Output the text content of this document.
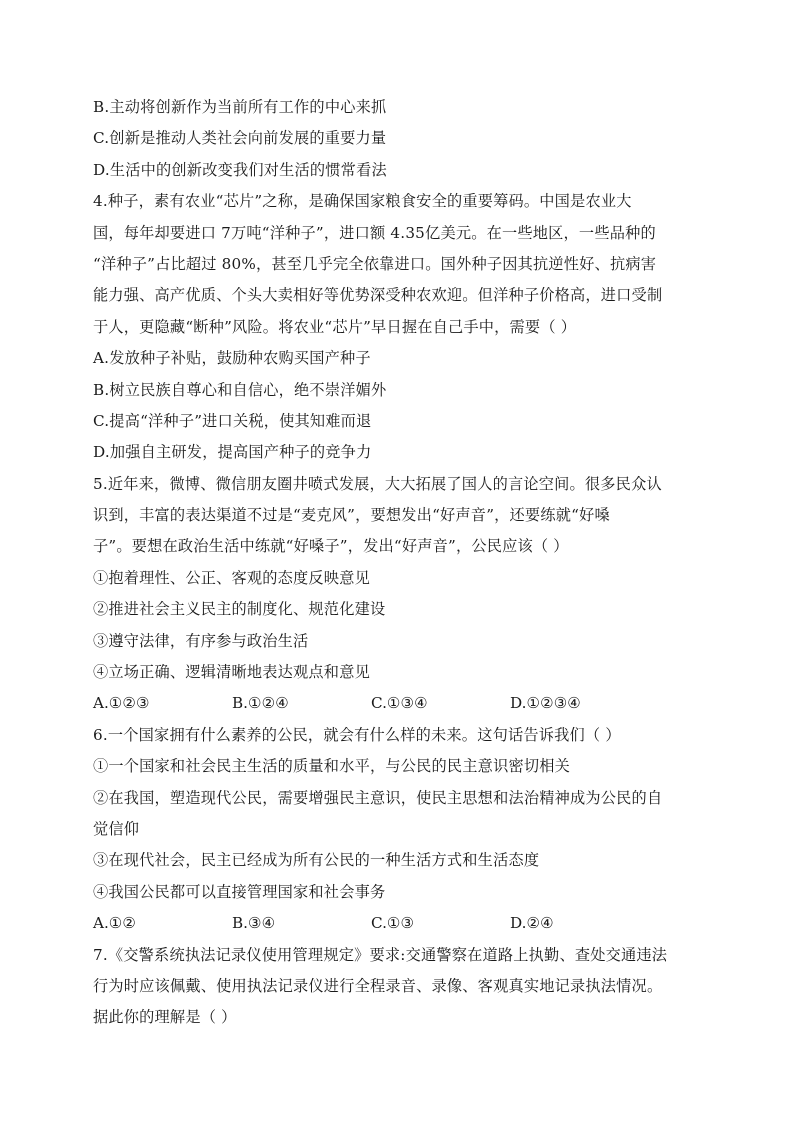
B.主动将创新作为当前所有工作的中心来抓
C.创新是推动人类社会向前发展的重要力量
D.生活中的创新改变我们对生活的惯常看法
4.种子，素有农业“芯片”之称，是确保国家粮食安全的重要筹码。中国是农业大
国，每年却要进口 7万吨“洋种子”，进口额 4.35亿美元。在一些地区，一些品种的
“洋种子”占比超过 80%，甚至几乎完全依靠进口。国外种子因其抗逆性好、抗病害
能力强、高产优质、个头大卖相好等优势深受种农欢迎。但洋种子价格高，进口受制
于人，更隐藏“断种”风险。将农业“芯片”早日握在自己手中，需要（ ）
A.发放种子补贴，鼓励种农购买国产种子
B.树立民族自尊心和自信心，绝不崇洋媚外
C.提高“洋种子”进口关税，使其知难而退
D.加强自主研发，提高国产种子的竞争力
5.近年来，微博、微信朋友圈井喷式发展，大大拓展了国人的言论空间。很多民众认
识到，丰富的表达渠道不过是“麦克风”，要想发出“好声音”，还要练就“好嗓
子”。要想在政治生活中练就“好嗓子”，发出“好声音”，公民应该（ ）
①抱着理性、公正、客观的态度反映意见
②推进社会主义民主的制度化、规范化建设
③遵守法律，有序参与政治生活
④立场正确、逻辑清晰地表达观点和意见
A.①②③	B.①②④	C.①③④	D.①②③④
6.一个国家拥有什么素养的公民，就会有什么样的未来。这句话告诉我们（ ）
①一个国家和社会民主生活的质量和水平，与公民的民主意识密切相关
②在我国，塑造现代公民，需要增强民主意识，使民主思想和法治精神成为公民的自
觉信仰
③在现代社会，民主已经成为所有公民的一种生活方式和生活态度
④我国公民都可以直接管理国家和社会事务
A.①②	B.③④	C.①③	D.②④
7.《交警系统执法记录仪使用管理规定》要求:交通警察在道路上执勤、查处交通违法
行为时应该佩戴、使用执法记录仪进行全程录音、录像、客观真实地记录执法情况。
据此你的理解是（ ）
